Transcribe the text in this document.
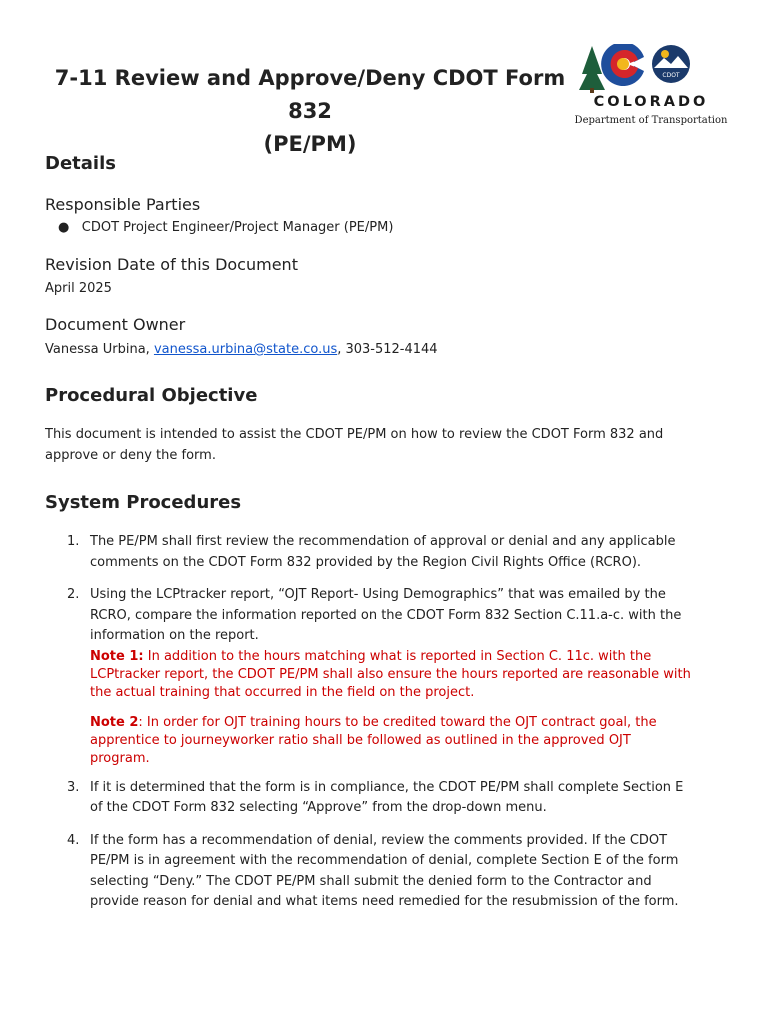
7-11 Review and Approve/Deny CDOT Form 832
(PE/PM)
CDOT
COLORADO
Department of Transportation
Details
Responsible Parties
●   CDOT Project Engineer/Project Manager (PE/PM)
Revision Date of this Document
April 2025
Document Owner
Vanessa Urbina, vanessa.urbina@state.co.us, 303-512-4144
Procedural Objective
This document is intended to assist the CDOT PE/PM on how to review the CDOT Form 832 and
approve or deny the form.
System Procedures
1. The PE/PM shall first review the recommendation of approval or denial and any applicable
comments on the CDOT Form 832 provided by the Region Civil Rights Office (RCRO).
2. Using the LCPtracker report, “OJT Report- Using Demographics” that was emailed by the
RCRO, compare the information reported on the CDOT Form 832 Section C.11.a-c. with the
information on the report.
Note 1: In addition to the hours matching what is reported in Section C. 11c. with the
LCPtracker report, the CDOT PE/PM shall also ensure the hours reported are reasonable with
the actual training that occurred in the field on the project.
Note 2: In order for OJT training hours to be credited toward the OJT contract goal, the
apprentice to journeyworker ratio shall be followed as outlined in the approved OJT
program.
3. If it is determined that the form is in compliance, the CDOT PE/PM shall complete Section E
of the CDOT Form 832 selecting “Approve” from the drop-down menu.
4. If the form has a recommendation of denial, review the comments provided. If the CDOT
PE/PM is in agreement with the recommendation of denial, complete Section E of the form
selecting “Deny.” The CDOT PE/PM shall submit the denied form to the Contractor and
provide reason for denial and what items need remedied for the resubmission of the form.
